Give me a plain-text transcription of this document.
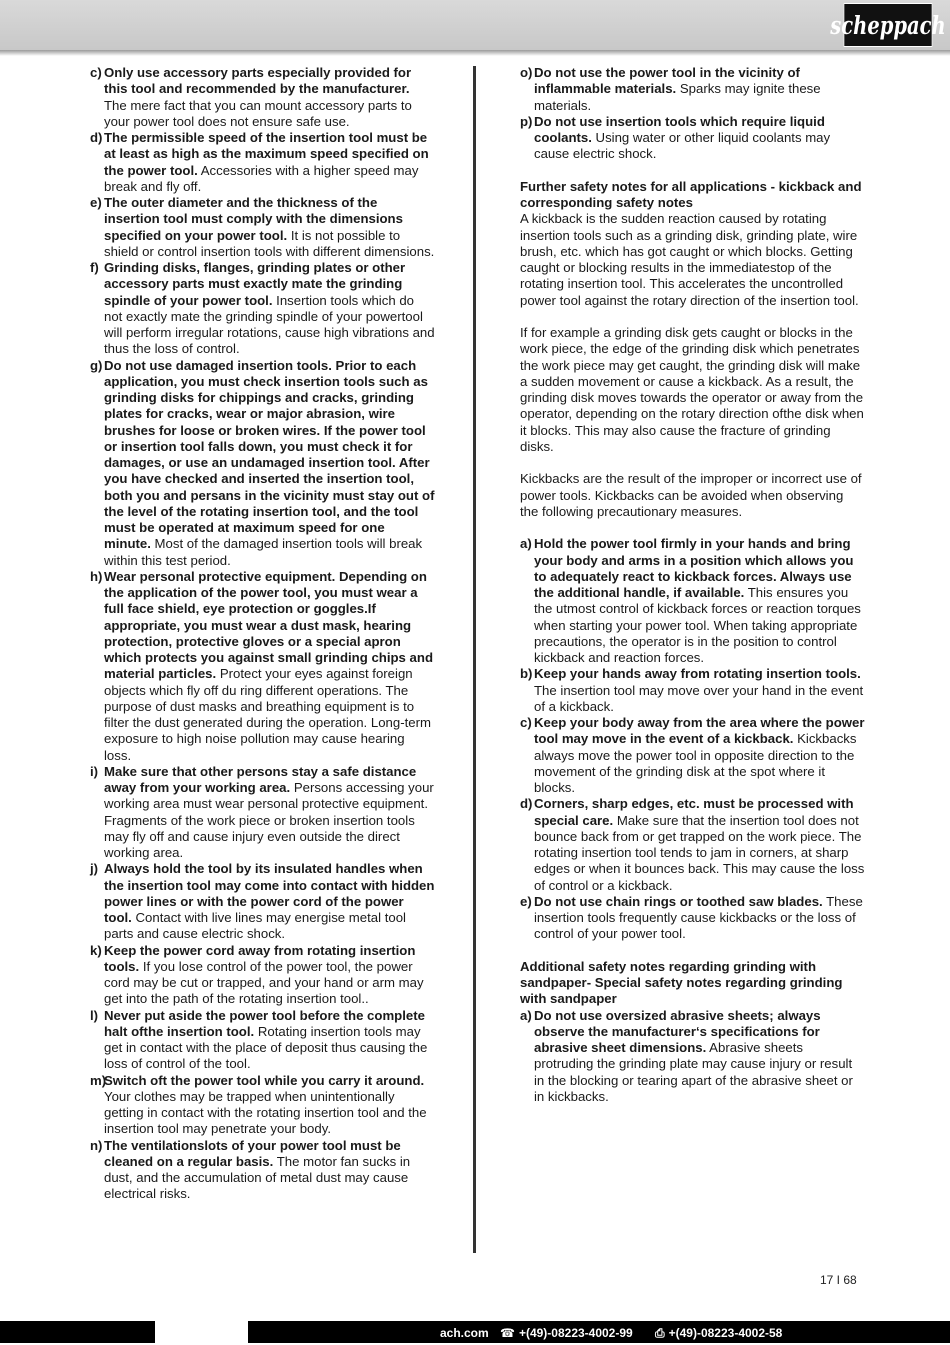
scheppach
c) Only use accessory parts especially provided for this tool and recommended by the manufacturer. The mere fact that you can mount accessory parts to your power tool does not ensure safe use.
d) The permissible speed of the insertion tool must be at least as high as the maximum speed specified on the power tool. Accessories with a higher speed may break and fly off.
e) The outer diameter and the thickness of the insertion tool must comply with the dimensions specified on your power tool. It is not possible to shield or control insertion tools with different dimensions.
f) Grinding disks, flanges, grinding plates or other accessory parts must exactly mate the grinding spindle of your power tool. Insertion tools which do not exactly mate the grinding spindle of your powertool will perform irregular rotations, cause high vibrations and thus the loss of control.
g) Do not use damaged insertion tools. Prior to each application, you must check insertion tools such as grinding disks for chippings and cracks, grinding plates for cracks, wear or major abrasion, wire brushes for loose or broken wires. If the power tool or insertion tool falls down, you must check it for damages, or use an undamaged insertion tool. After you have checked and inserted the insertion tool, both you and persans in the vicinity must stay out of the level of the rotating insertion tool, and the tool must be operated at maximum speed for one minute. Most of the damaged insertion tools will break within this test period.
h) Wear personal protective equipment. Depending on the application of the power tool, you must wear a full face shield, eye protection or goggles.If appropriate, you must wear a dust mask, hearing protection, protective gloves or a special apron which protects you against small grinding chips and material particles. Protect your eyes against foreign objects which fly off du ring different operations. The purpose of dust masks and breathing equipment is to filter the dust generated during the operation. Long-term exposure to high noise pollution may cause hearing loss.
i) Make sure that other persons stay a safe distance away from your working area. Persons accessing your working area must wear personal protective equipment. Fragments of the work piece or broken insertion tools may fly off and cause injury even outside the direct working area.
j) Always hold the tool by its insulated handles when the insertion tool may come into contact with hidden power lines or with the power cord of the power tool. Contact with live lines may energise metal tool parts and cause electric shock.
k) Keep the power cord away from rotating insertion tools. If you lose control of the power tool, the power cord may be cut or trapped, and your hand or arm may get into the path of the rotating insertion tool..
l) Never put aside the power tool before the complete halt ofthe insertion tool. Rotating insertion tools may get in contact with the place of deposit thus causing the loss of control of the tool.
m)
Switch oft the power tool while you carry it around. Your clothes may be trapped when unintentionally getting in contact with the rotating insertion tool and the insertion tool may penetrate your body.
n) The ventilationslots of your power tool must be cleaned on a regular basis. The motor fan sucks in dust, and the accumulation of metal dust may cause electrical risks.
o) Do not use the power tool in the vicinity of inflammable materials. Sparks may ignite these materials.
p) Do not use insertion tools which require liquid coolants. Using water or other liquid coolants may cause electric shock.
Further safety notes for all applications - kickback and corresponding safety notes

A kickback is the sudden reaction caused by rotating insertion tools such as a grinding disk, grinding plate, wire brush, etc. which has got caught or which blocks. Getting caught or blocking results in the immediatestop of the rotating insertion tool. This accelerates the uncontrolled power tool against the rotary direction of the insertion tool.

If for example a grinding disk gets caught or blocks in the work piece, the edge of the grinding disk which penetrates the work piece may get caught, the grinding disk will make a sudden movement or cause a kickback. As a result, the grinding disk moves towards the operator or away from the operator, depending on the rotary direction ofthe disk when it blocks. This may also cause the fracture of grinding disks.

Kickbacks are the result of the improper or incorrect use of power tools. Kickbacks can be avoided when observing the following precautionary measures.

a) Hold the power tool firmly in your hands and bring your body and arms in a position which allows you to adequately react to kickback forces. Always use the additional handle, if available. This ensures you the utmost control of kickback forces or reaction torques when starting your power tool. When taking appropriate precautions, the operator is in the position to control kickback and reaction forces.
b) Keep your hands away from rotating insertion tools. The insertion tool may move over your hand in the event of a kickback.
c) Keep your body away from the area where the power tool may move in the event of a kickback. Kickbacks always move the power tool in opposite direction to the movement of the grinding disk at the spot where it blocks.
d) Corners, sharp edges, etc. must be processed with special care. Make sure that the insertion tool does not bounce back from or get trapped on the work piece. The rotating insertion tool tends to jam in corners, at sharp edges or when it bounces back. This may cause the loss of control or a kickback.
e) Do not use chain rings or toothed saw blades. These insertion tools frequently cause kickbacks or the loss of control of your power tool.
Additional safety notes regarding grinding with sandpaper- Special safety notes regarding grinding with sandpaper
a) Do not use oversized abrasive sheets; always observe the manufacturer‘s specifications for abrasive sheet dimensions. Abrasive sheets protruding the grinding plate may cause injury or result in the blocking or tearing apart of the abrasive sheet or in kickbacks.
17 I 68
ach.com ☎ +(49)-08223-4002-99 ⎙ +(49)-08223-4002-58
